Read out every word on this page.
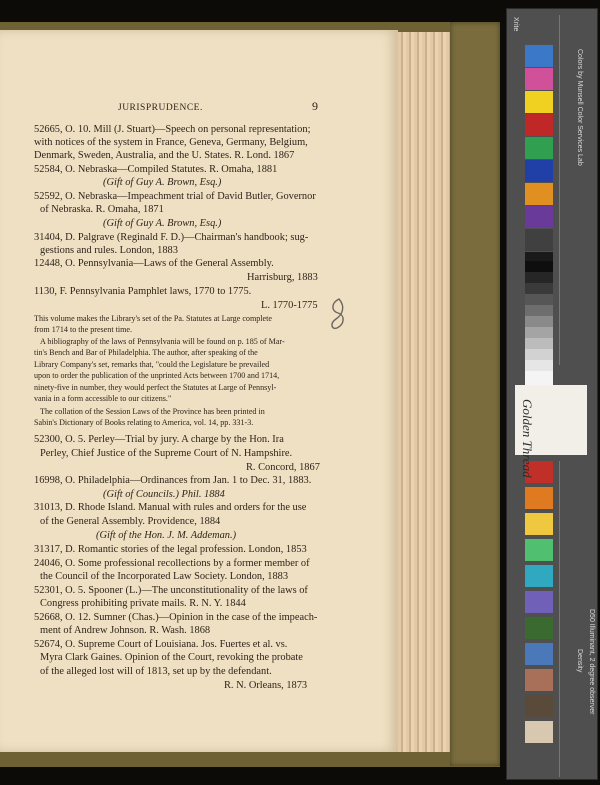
JURISPRUDENCE.	9
52665, O. 10. Mill (J. Stuart)—Speech on personal representation;
with notices of the system in France, Geneva, Germany, Belgium,
Denmark, Sweden, Australia, and the U. States. R. Lond. 1867
52584, O. Nebraska—Compiled Statutes. R. Omaha, 1881
(Gift of Guy A. Brown, Esq.)
52592, O. Nebraska—Impeachment trial of David Butler, Governor
of Nebraska. R. Omaha, 1871
(Gift of Guy A. Brown, Esq.)
31404, D. Palgrave (Reginald F. D.)—Chairman's handbook; sug-
gestions and rules. London, 1883
12448, O. Pennsylvania—Laws of the General Assembly.
Harrisburg, 1883
1130, F. Pennsylvania Pamphlet laws, 1770 to 1775.
L. 1770-1775
This volume makes the Library's set of the Pa. Statutes at Large complete
from 1714 to the present time.
A bibliography of the laws of Pennsylvania will be found on p. 185 of Mar-
tin's Bench and Bar of Philadelphia. The author, after speaking of the
Library Company's set, remarks that, "could the Legislature be prevailed
upon to order the publication of the unprinted Acts between 1700 and 1714,
ninety-five in number, they would perfect the Statutes at Large of Pennsyl-
vania in a form accessible to our citizens."
The collation of the Session Laws of the Province has been printed in
Sabin's Dictionary of Books relating to America, vol. 14, pp. 331-3.
52300, O. 5. Perley—Trial by jury. A charge by the Hon. Ira
Perley, Chief Justice of the Supreme Court of N. Hampshire.
R. Concord, 1867
16998, O. Philadelphia—Ordinances from Jan. 1 to Dec. 31, 1883.
(Gift of Councils.) Phil. 1884
31013, D. Rhode Island. Manual with rules and orders for the use
of the General Assembly. Providence, 1884
(Gift of the Hon. J. M. Addeman.)
31317, D. Romantic stories of the legal profession. London, 1853
24046, O. Some professional recollections by a former member of
the Council of the Incorporated Law Society. London, 1883
52301, O. 5. Spooner (L.)—The unconstitutionality of the laws of
Congress prohibiting private mails. R. N. Y. 1844
52668, O. 12. Sumner (Chas.)—Opinion in the case of the impeach-
ment of Andrew Johnson. R. Wash. 1868
52674, O. Supreme Court of Louisiana. Jos. Fuertes et al. vs.
Myra Clark Gaines. Opinion of the Court, revoking the probate
of the alleged lost will of 1813, set up by the defendant.
R. N. Orleans, 1873
Colors by Munsell Color Services Lab
Golden Thread
Density D50 Illuminant, 2 degree observer
Xrite
